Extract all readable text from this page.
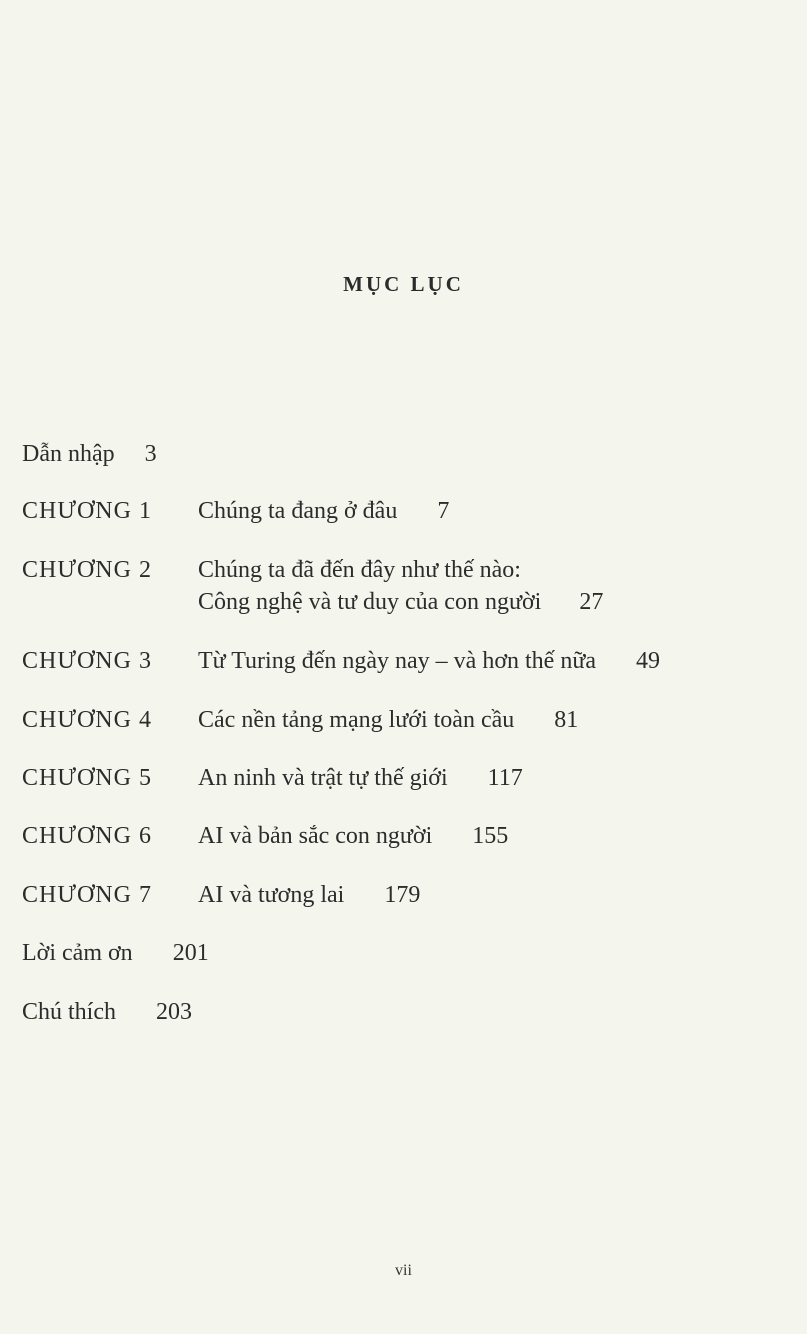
MỤC LỤC
Dẫn nhập 3
CHƯƠNG 1 Chúng ta đang ở đâu 7
CHƯƠNG 2 Chúng ta đã đến đây như thế nào:
Công nghệ và tư duy của con người 27
CHƯƠNG 3 Từ Turing đến ngày nay – và hơn thế nữa 49
CHƯƠNG 4 Các nền tảng mạng lưới toàn cầu 81
CHƯƠNG 5 An ninh và trật tự thế giới 117
CHƯƠNG 6 AI và bản sắc con người 155
CHƯƠNG 7 AI và tương lai 179
Lời cảm ơn 201
Chú thích 203
vii
